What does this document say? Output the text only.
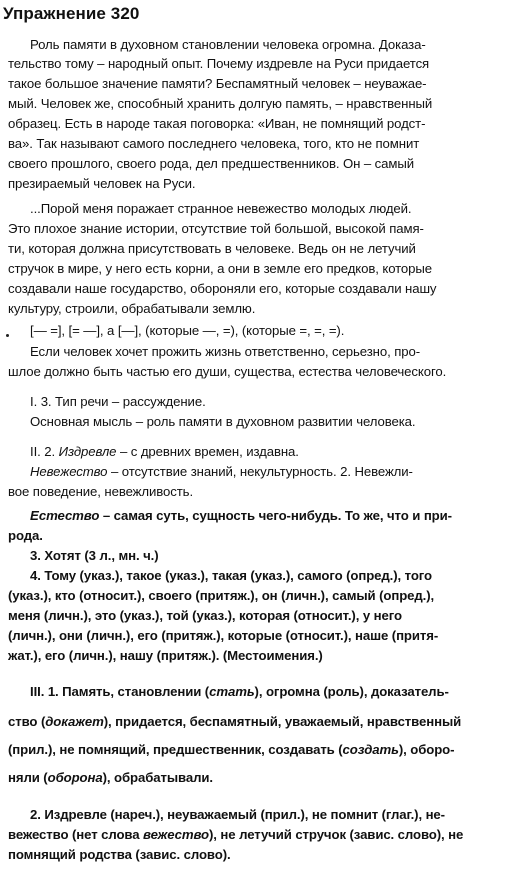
Упражнение 320
Роль памяти в духовном становлении человека огромна. Доказа-
тельство тому – народный опыт. Почему издревле на Руси придается
такое большое значение памяти? Беспамятный человек – неуважае-
мый. Человек же, способный хранить долгую память, – нравственный
образец. Есть в народе такая поговорка: «Иван, не помнящий родст-
ва». Так называют самого последнего человека, того, кто не помнит
своего прошлого, своего рода, дел предшественников. Он – самый
презираемый человек на Руси.
...Порой меня поражает странное невежество молодых людей.
Это плохое знание истории, отсутствие той большой, высокой памя-
ти, которая должна присутствовать в человеке. Ведь он не летучий
стручок в мире, у него есть корни, а они в земле его предков, которые
создавали наше государство, обороняли его, которые создавали нашу
культуру, строили, обрабатывали землю.
[— =], [= —], а [—], (которые —, =), (которые =, =, =).
Если человек хочет прожить жизнь ответственно, серьезно, про-
шлое должно быть частью его души, существа, естества человеческого.
I. 3. Тип речи – рассуждение.
Основная мысль – роль памяти в духовном развитии человека.
II. 2. Издревле – с древних времен, издавна.
Невежество – отсутствие знаний, некультурность. 2. Невежли-
вое поведение, невежливость.
Естество – самая суть, сущность чего-нибудь. То же, что и при-
рода.
3. Хотят (3 л., мн. ч.)
4. Тому (указ.), такое (указ.), такая (указ.), самого (опред.), того
(указ.), кто (относит.), своего (притяж.), он (личн.), самый (опред.),
меня (личн.), это (указ.), той (указ.), которая (относит.), у него
(личн.), они (личн.), его (притяж.), которые (относит.), наше (притя-
жат.), его (личн.), нашу (притяж.). (Местоимения.)
III. 1. Память, становлении (стать), огромна (роль), доказатель-
ство (докажет), придается, беспамятный, уважаемый, нравственный
(прил.), не помнящий, предшественник, создавать (создать), оборо-
няли (оборона), обрабатывали.
2. Издревле (нареч.), неуважаемый (прил.), не помнит (глаг.), не-
вежество (нет слова вежество), не летучий стручок (завис. слово), не
помнящий родства (завис. слово).
